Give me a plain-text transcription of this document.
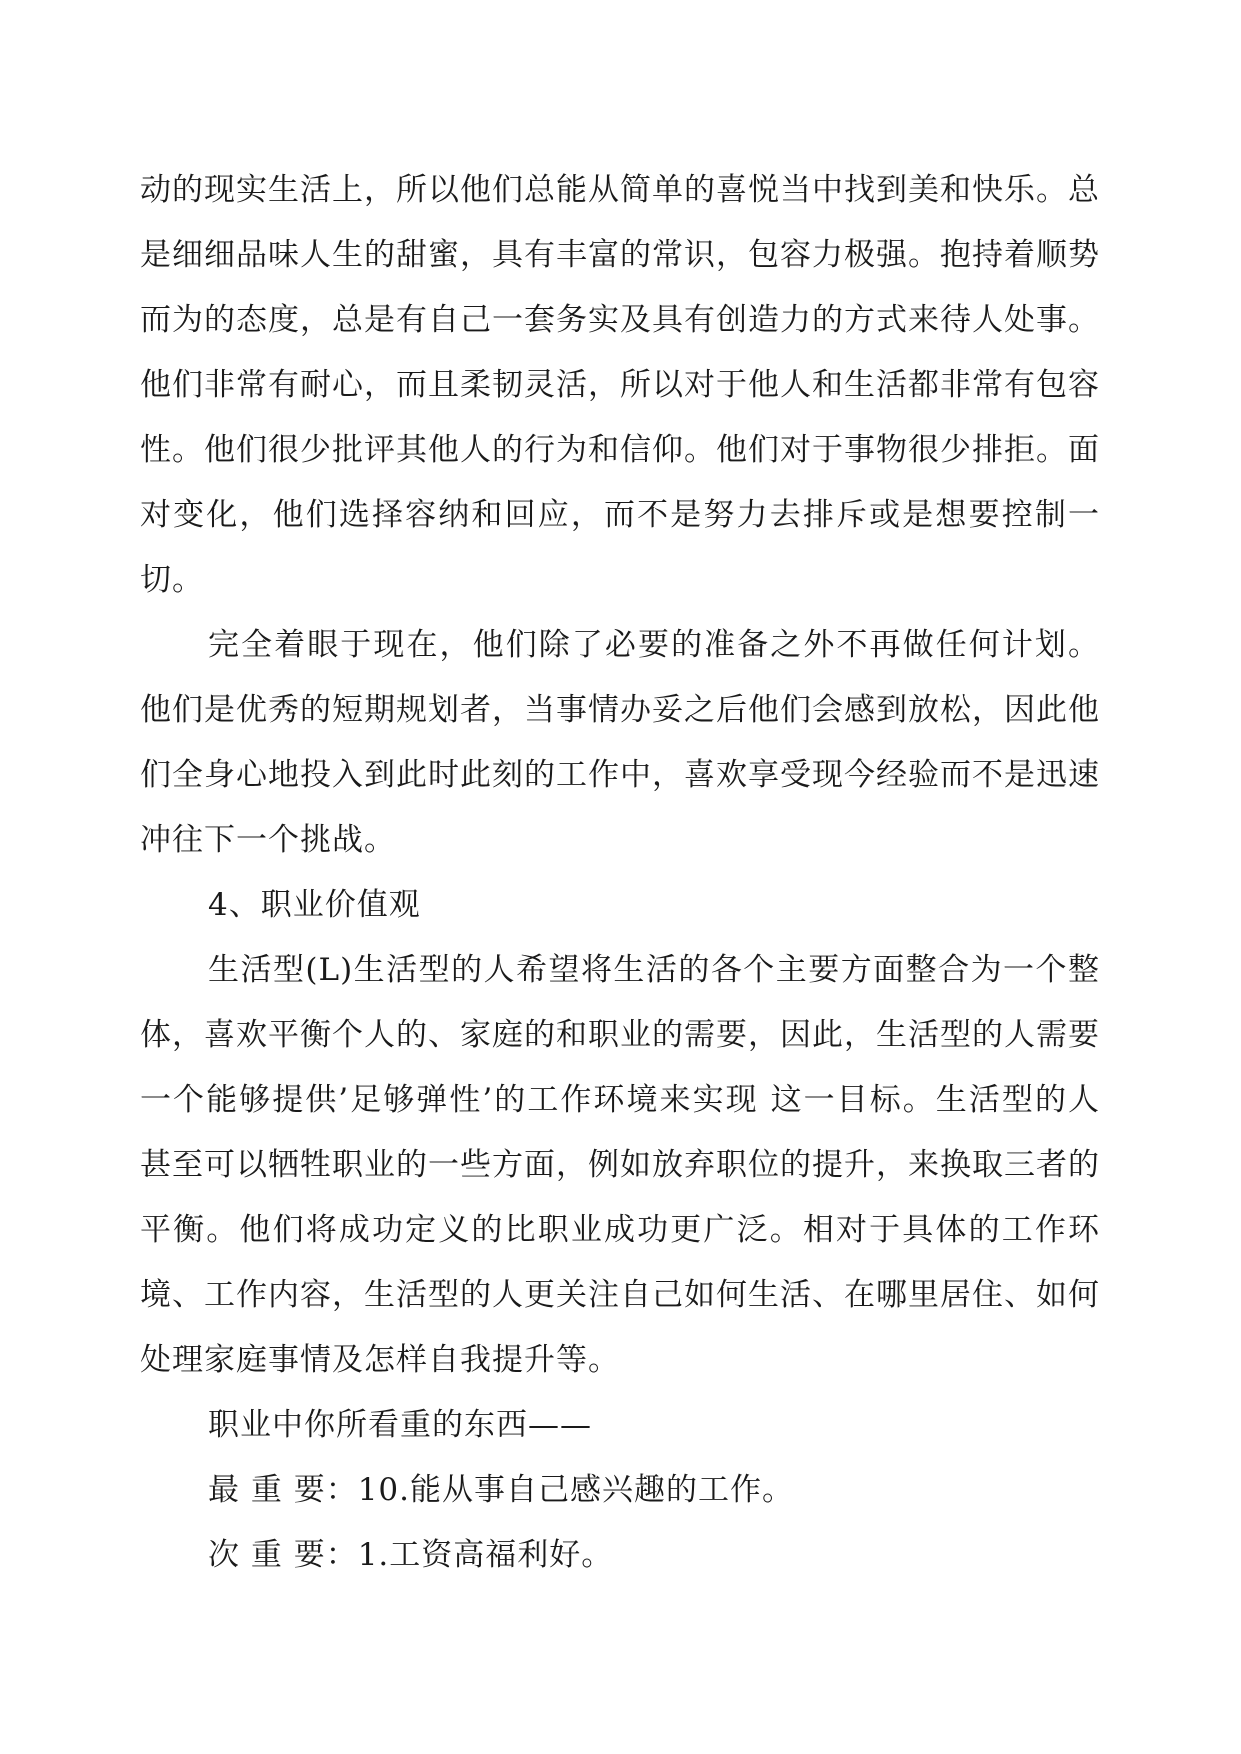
动的现实生活上，所以他们总能从简单的喜悦当中找到美和快乐。总是细细品味人生的甜蜜，具有丰富的常识，包容力极强。抱持着顺势而为的态度，总是有自己一套务实及具有创造力的方式来待人处事。他们非常有耐心，而且柔韧灵活，所以对于他人和生活都非常有包容性。他们很少批评其他人的行为和信仰。他们对于事物很少排拒。面对变化，他们选择容纳和回应，而不是努力去排斥或是想要控制一切。

完全着眼于现在，他们除了必要的准备之外不再做任何计划。他们是优秀的短期规划者，当事情办妥之后他们会感到放松，因此他们全身心地投入到此时此刻的工作中，喜欢享受现今经验而不是迅速冲往下一个挑战。

4、职业价值观

生活型(L)生活型的人希望将生活的各个主要方面整合为一个整体，喜欢平衡个人的、家庭的和职业的需要，因此，生活型的人需要一个能够提供’足够弹性’的工作环境来实现 这一目标。生活型的人甚至可以牺牲职业的一些方面，例如放弃职位的提升，来换取三者的平衡。他们将成功定义的比职业成功更广泛。相对于具体的工作环境、工作内容，生活型的人更关注自己如何生活、在哪里居住、如何处理家庭事情及怎样自我提升等。

职业中你所看重的东西——

最 重 要：10.能从事自己感兴趣的工作。

次 重 要：1.工资高福利好。
